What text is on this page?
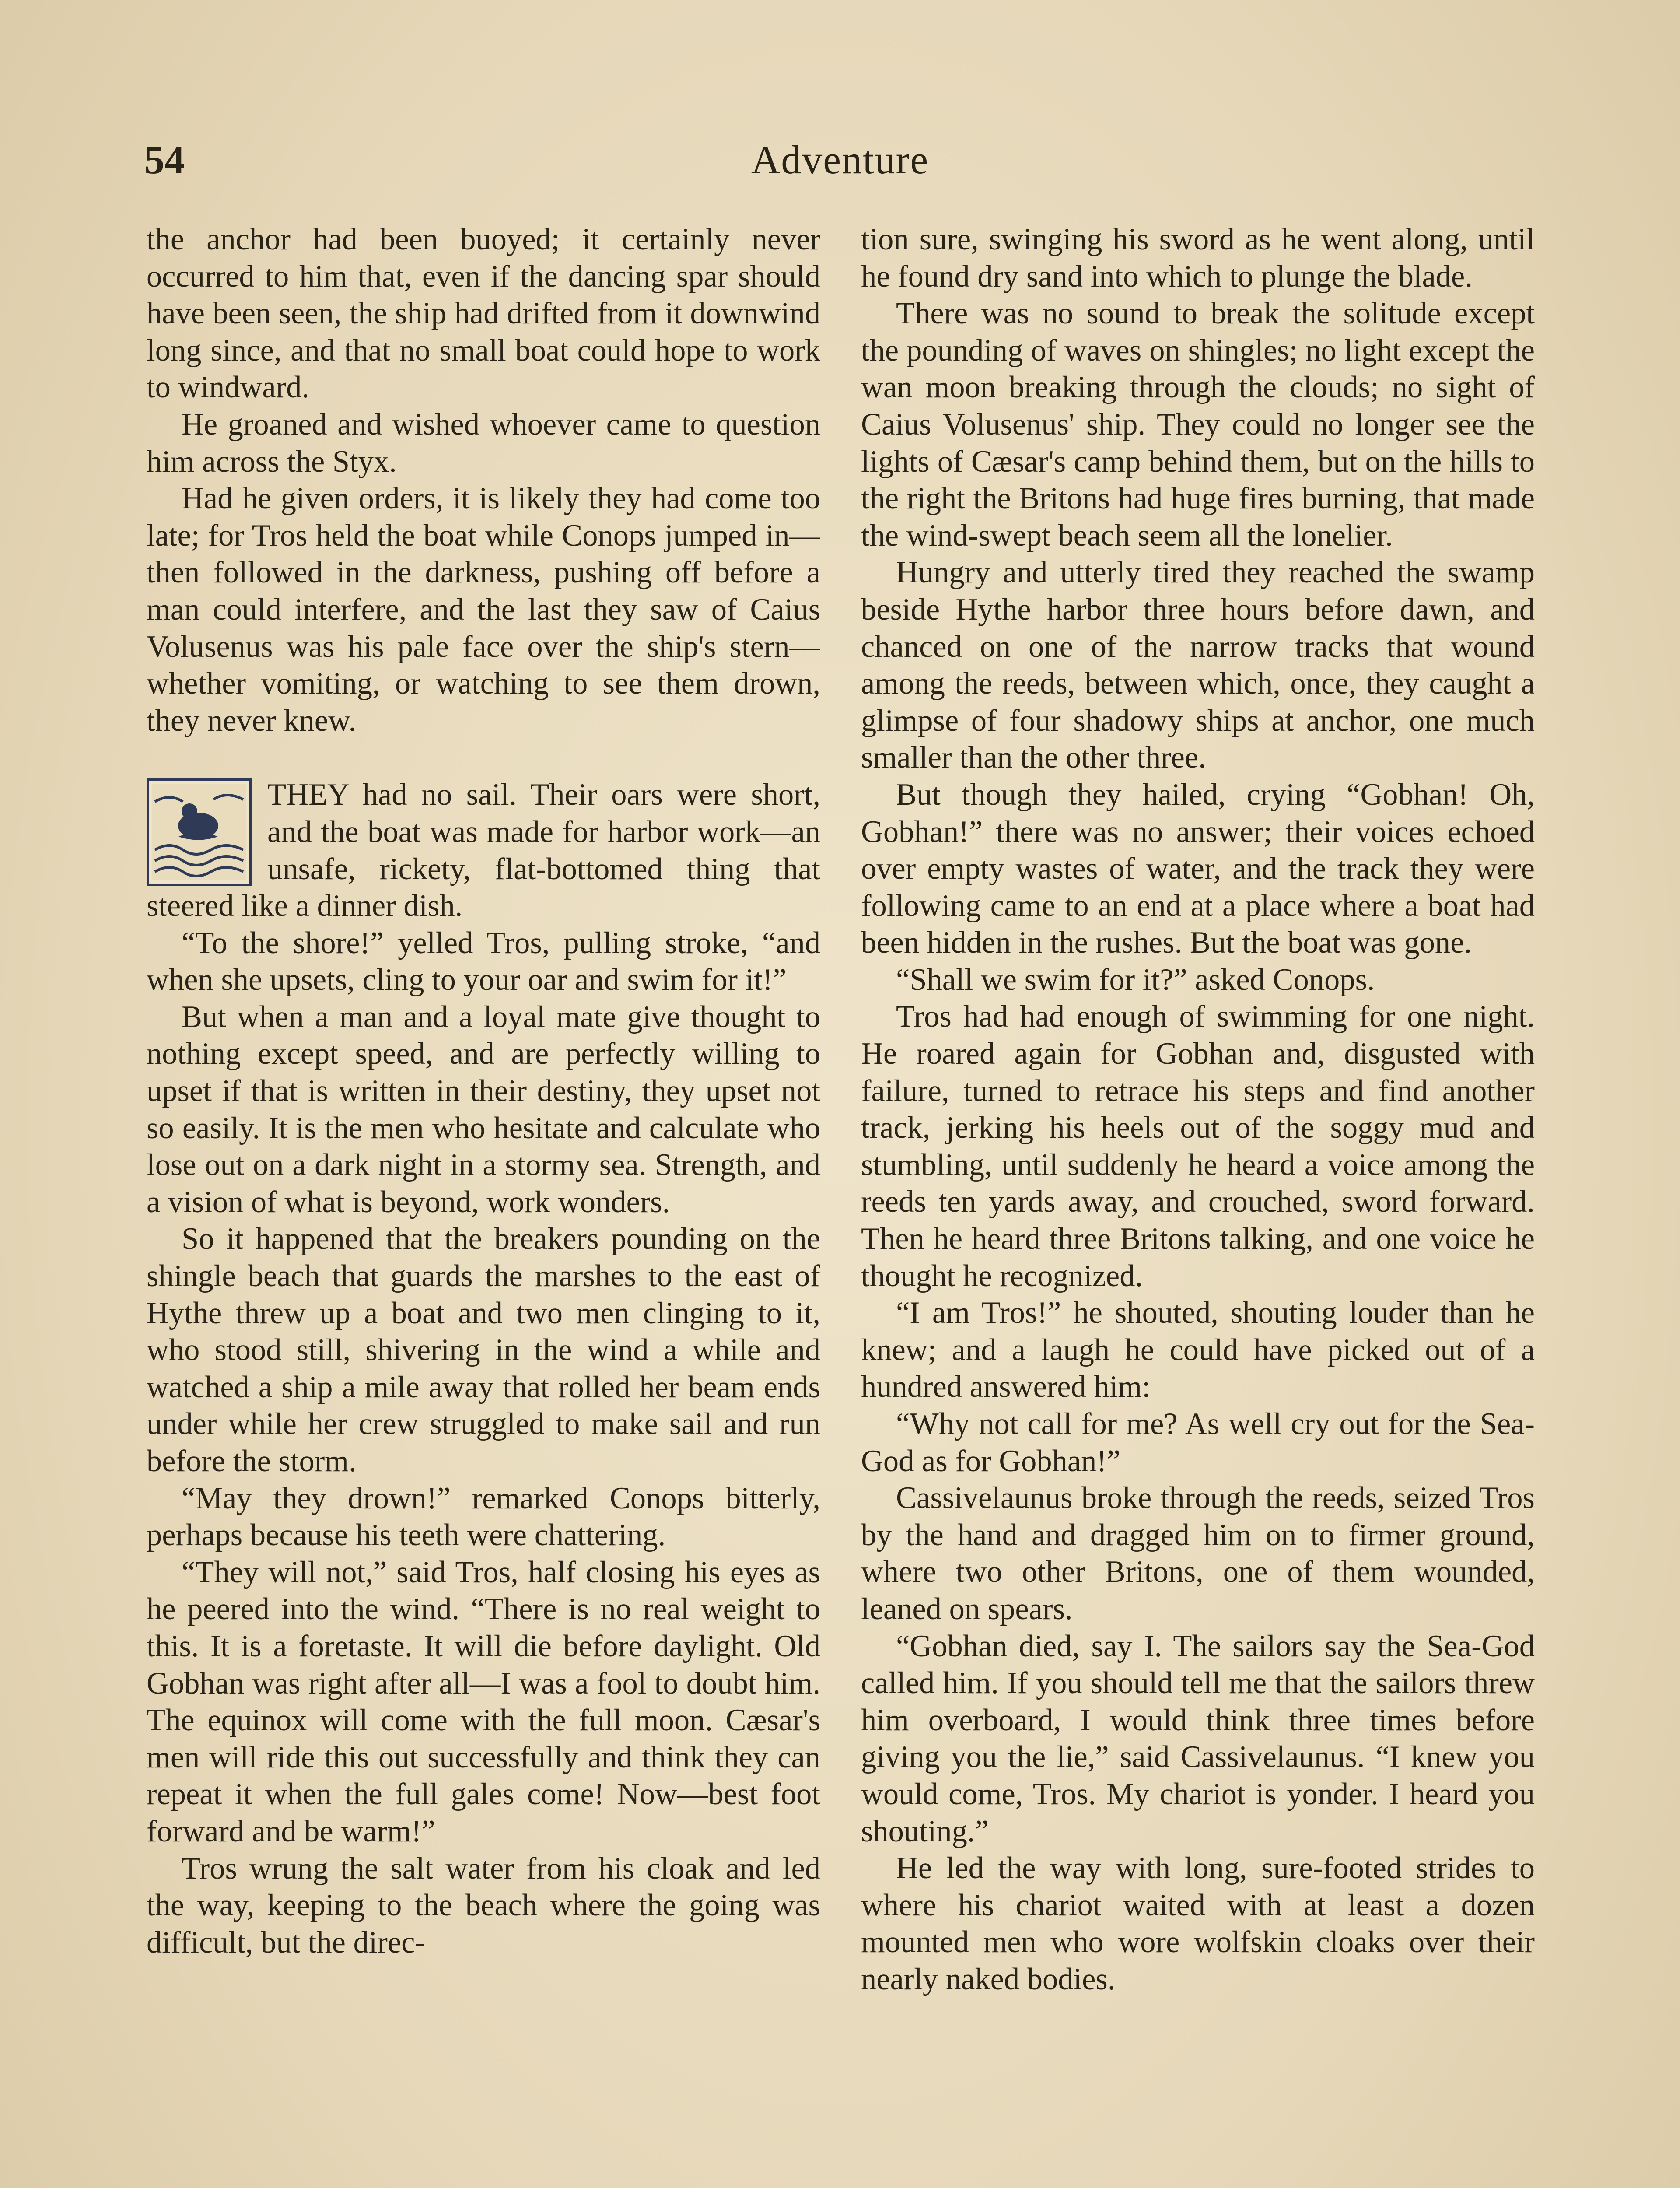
54	Adventure

the anchor had been buoyed; it certainly never occurred to him that, even if the dancing spar should have been seen, the ship had drifted from it downwind long since, and that no small boat could hope to work to windward.

He groaned and wished whoever came to question him across the Styx.

Had he given orders, it is likely they had come too late; for Tros held the boat while Conops jumped in—then followed in the darkness, pushing off before a man could interfere, and the last they saw of Caius Volusenus was his pale face over the ship's stern—whether vomiting, or watching to see them drown, they never knew.

THEY had no sail. Their oars were short, and the boat was made for harbor work—an unsafe, rickety, flat-bottomed thing that steered like a dinner dish.

“To the shore!” yelled Tros, pulling stroke, “and when she upsets, cling to your oar and swim for it!”

But when a man and a loyal mate give thought to nothing except speed, and are perfectly willing to upset if that is written in their destiny, they upset not so easily. It is the men who hesitate and calculate who lose out on a dark night in a stormy sea. Strength, and a vision of what is beyond, work wonders.

So it happened that the breakers pounding on the shingle beach that guards the marshes to the east of Hythe threw up a boat and two men clinging to it, who stood still, shivering in the wind a while and watched a ship a mile away that rolled her beam ends under while her crew struggled to make sail and run before the storm.

“May they drown!” remarked Conops bitterly, perhaps because his teeth were chattering.

“They will not,” said Tros, half closing his eyes as he peered into the wind. “There is no real weight to this. It is a foretaste. It will die before daylight. Old Gobhan was right after all—I was a fool to doubt him. The equinox will come with the full moon. Cæsar's men will ride this out successfully and think they can repeat it when the full gales come! Now—best foot forward and be warm!”

Tros wrung the salt water from his cloak and led the way, keeping to the beach where the going was difficult, but the direc-

tion sure, swinging his sword as he went along, until he found dry sand into which to plunge the blade.

There was no sound to break the solitude except the pounding of waves on shingles; no light except the wan moon breaking through the clouds; no sight of Caius Volusenus' ship. They could no longer see the lights of Cæsar's camp behind them, but on the hills to the right the Britons had huge fires burning, that made the wind-swept beach seem all the lonelier.

Hungry and utterly tired they reached the swamp beside Hythe harbor three hours before dawn, and chanced on one of the narrow tracks that wound among the reeds, between which, once, they caught a glimpse of four shadowy ships at anchor, one much smaller than the other three.

But though they hailed, crying “Gobhan! Oh, Gobhan!” there was no answer; their voices echoed over empty wastes of water, and the track they were following came to an end at a place where a boat had been hidden in the rushes. But the boat was gone.

“Shall we swim for it?” asked Conops.

Tros had had enough of swimming for one night. He roared again for Gobhan and, disgusted with failure, turned to retrace his steps and find another track, jerking his heels out of the soggy mud and stumbling, until suddenly he heard a voice among the reeds ten yards away, and crouched, sword forward. Then he heard three Britons talking, and one voice he thought he recognized.

“I am Tros!” he shouted, shouting louder than he knew; and a laugh he could have picked out of a hundred answered him:

“Why not call for me? As well cry out for the Sea-God as for Gobhan!”

Cassivelaunus broke through the reeds, seized Tros by the hand and dragged him on to firmer ground, where two other Britons, one of them wounded, leaned on spears.

“Gobhan died, say I. The sailors say the Sea-God called him. If you should tell me that the sailors threw him overboard, I would think three times before giving you the lie,” said Cassivelaunus. “I knew you would come, Tros. My chariot is yonder. I heard you shouting.”

He led the way with long, sure-footed strides to where his chariot waited with at least a dozen mounted men who wore wolfskin cloaks over their nearly naked bodies.
